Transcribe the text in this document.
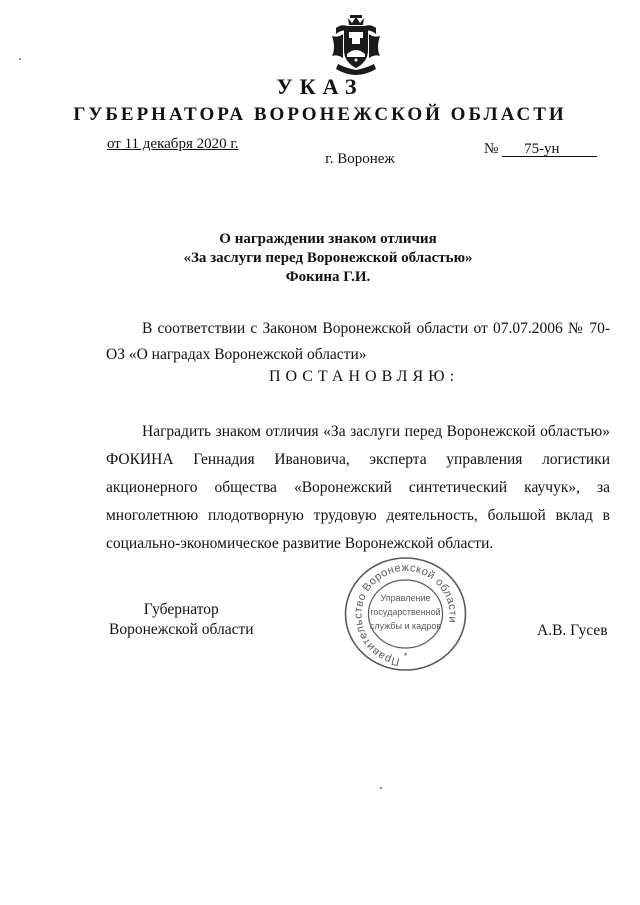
УКАЗ
ГУБЕРНАТОРА ВОРОНЕЖСКОЙ ОБЛАСТИ
от 11 декабря 2020 г.	№ 75-ун
г. Воронеж
О награждении знаком отличия
«За заслуги перед Воронежской областью»
Фокина Г.И.
В соответствии с Законом Воронежской области от 07.07.2006 № 70-ОЗ «О наградах Воронежской области»
ПОСТАНОВЛЯЮ:
Наградить знаком отличия «За заслуги перед Воронежской областью» ФОКИНА Геннадия Ивановича, эксперта управления логистики акционерного общества «Воронежский синтетический каучук», за многолетнюю плодотворную трудовую деятельность, большой вклад в социально-экономическое развитие Воронежской области.
Правительство Воронежской области
Управление
государственной
службы и кадров
*
Губернатор
Воронежской области	А.В. Гусев
